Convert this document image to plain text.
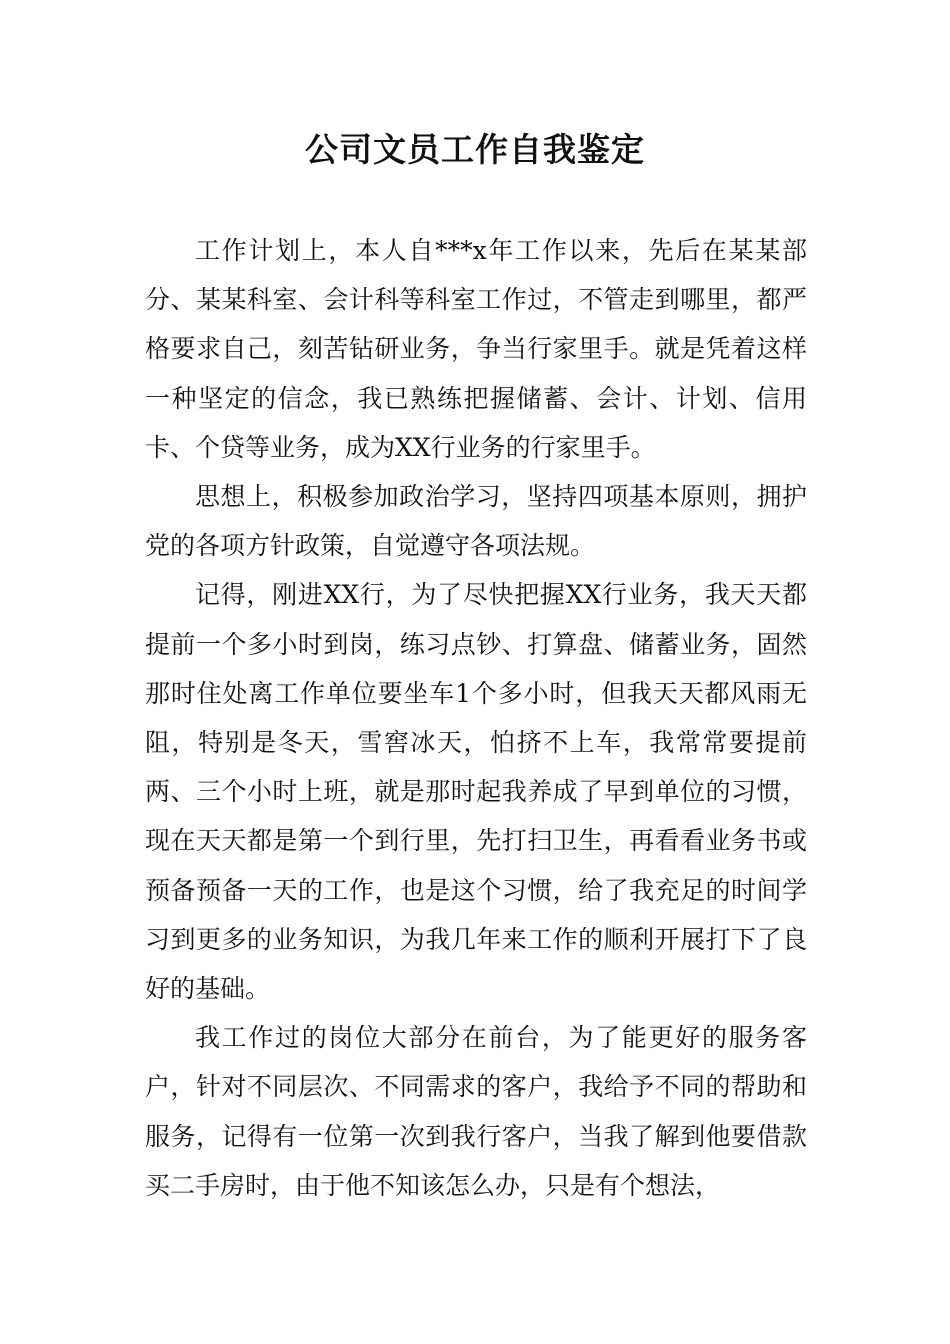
公司文员工作自我鉴定

工作计划上，本人自***x年工作以来，先后在某某部分、某某科室、会计科等科室工作过，不管走到哪里，都严格要求自己，刻苦钻研业务，争当行家里手。就是凭着这样一种坚定的信念，我已熟练把握储蓄、会计、计划、信用卡、个贷等业务，成为XX行业务的行家里手。

思想上，积极参加政治学习，坚持四项基本原则，拥护党的各项方针政策，自觉遵守各项法规。

记得，刚进XX行，为了尽快把握XX行业务，我天天都提前一个多小时到岗，练习点钞、打算盘、储蓄业务，固然那时住处离工作单位要坐车1个多小时，但我天天都风雨无阻，特别是冬天，雪窖冰天，怕挤不上车，我常常要提前两、三个小时上班，就是那时起我养成了早到单位的习惯，现在天天都是第一个到行里，先打扫卫生，再看看业务书或预备预备一天的工作，也是这个习惯，给了我充足的时间学习到更多的业务知识，为我几年来工作的顺利开展打下了良好的基础。

我工作过的岗位大部分在前台，为了能更好的服务客户，针对不同层次、不同需求的客户，我给予不同的帮助和服务，记得有一位第一次到我行客户，当我了解到他要借款买二手房时，由于他不知该怎么办，只是有个想法，
